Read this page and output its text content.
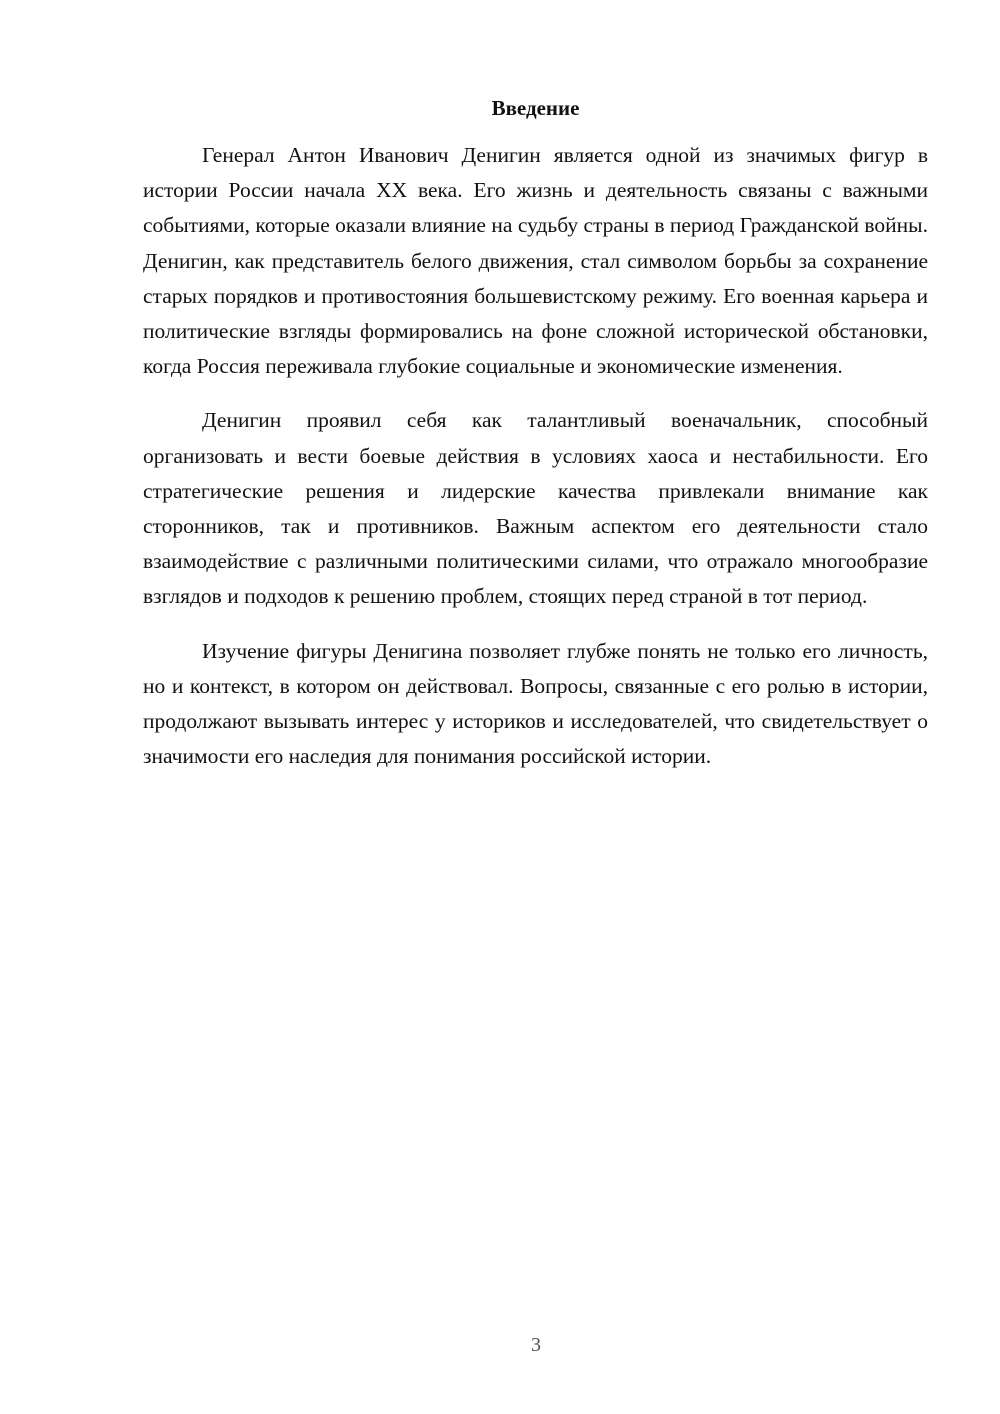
Введение

Генерал Антон Иванович Денигин является одной из значимых фигур в истории России начала XX века. Его жизнь и деятельность связаны с важными событиями, которые оказали влияние на судьбу страны в период Гражданской войны. Денигин, как представитель белого движения, стал символом борьбы за сохранение старых порядков и противостояния большевистскому режиму. Его военная карьера и политические взгляды формировались на фоне сложной исторической обстановки, когда Россия переживала глубокие социальные и экономические изменения.

Денигин проявил себя как талантливый военачальник, способный организовать и вести боевые действия в условиях хаоса и нестабильности. Его стратегические решения и лидерские качества привлекали внимание как сторонников, так и противников. Важным аспектом его деятельности стало взаимодействие с различными политическими силами, что отражало многообразие взглядов и подходов к решению проблем, стоящих перед страной в тот период.

Изучение фигуры Денигина позволяет глубже понять не только его личность, но и контекст, в котором он действовал. Вопросы, связанные с его ролью в истории, продолжают вызывать интерес у историков и исследователей, что свидетельствует о значимости его наследия для понимания российской истории.

3
